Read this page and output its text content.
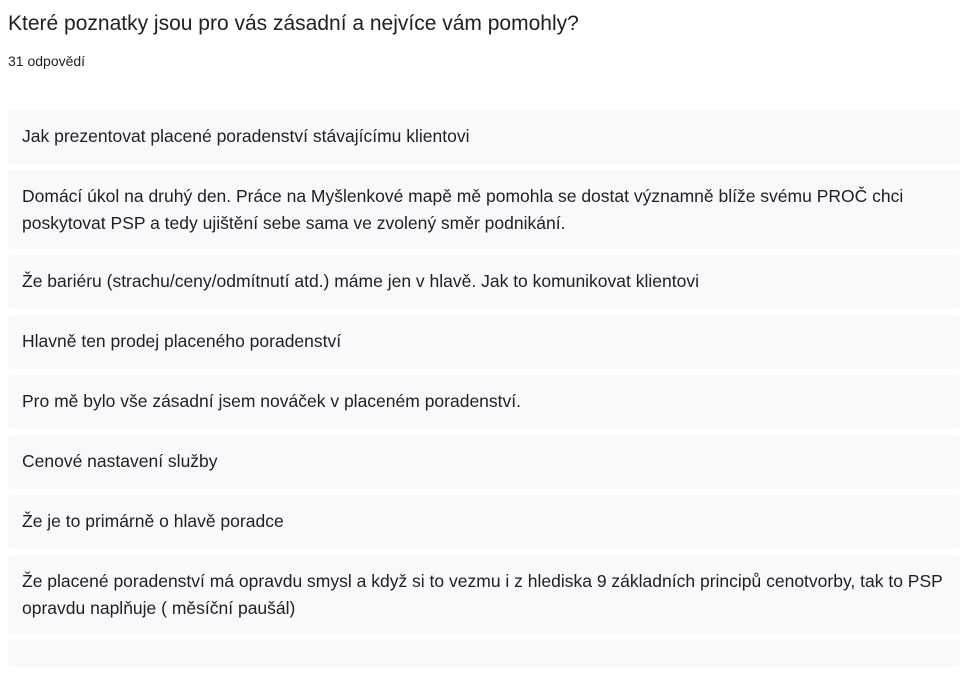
Které poznatky jsou pro vás zásadní a nejvíce vám pomohly?
31 odpovědí
Jak prezentovat placené poradenství stávajícímu klientovi
Domácí úkol na druhý den. Práce na Myšlenkové mapě mě pomohla se dostat významně blíže svému PROČ chci poskytovat PSP a tedy ujištění sebe sama ve zvolený směr podnikání.
Že bariéru (strachu/ceny/odmítnutí atd.) máme jen v hlavě. Jak to komunikovat klientovi
Hlavně ten prodej placeného poradenství
Pro mě bylo vše zásadní jsem nováček v placeném poradenství.
Cenové nastavení služby
Že je to primárně o hlavě poradce
Že placené poradenství má opravdu smysl a když si to vezmu i z hlediska 9 základních principů cenotvorby, tak to PSP opravdu naplňuje ( měsíční paušál)
